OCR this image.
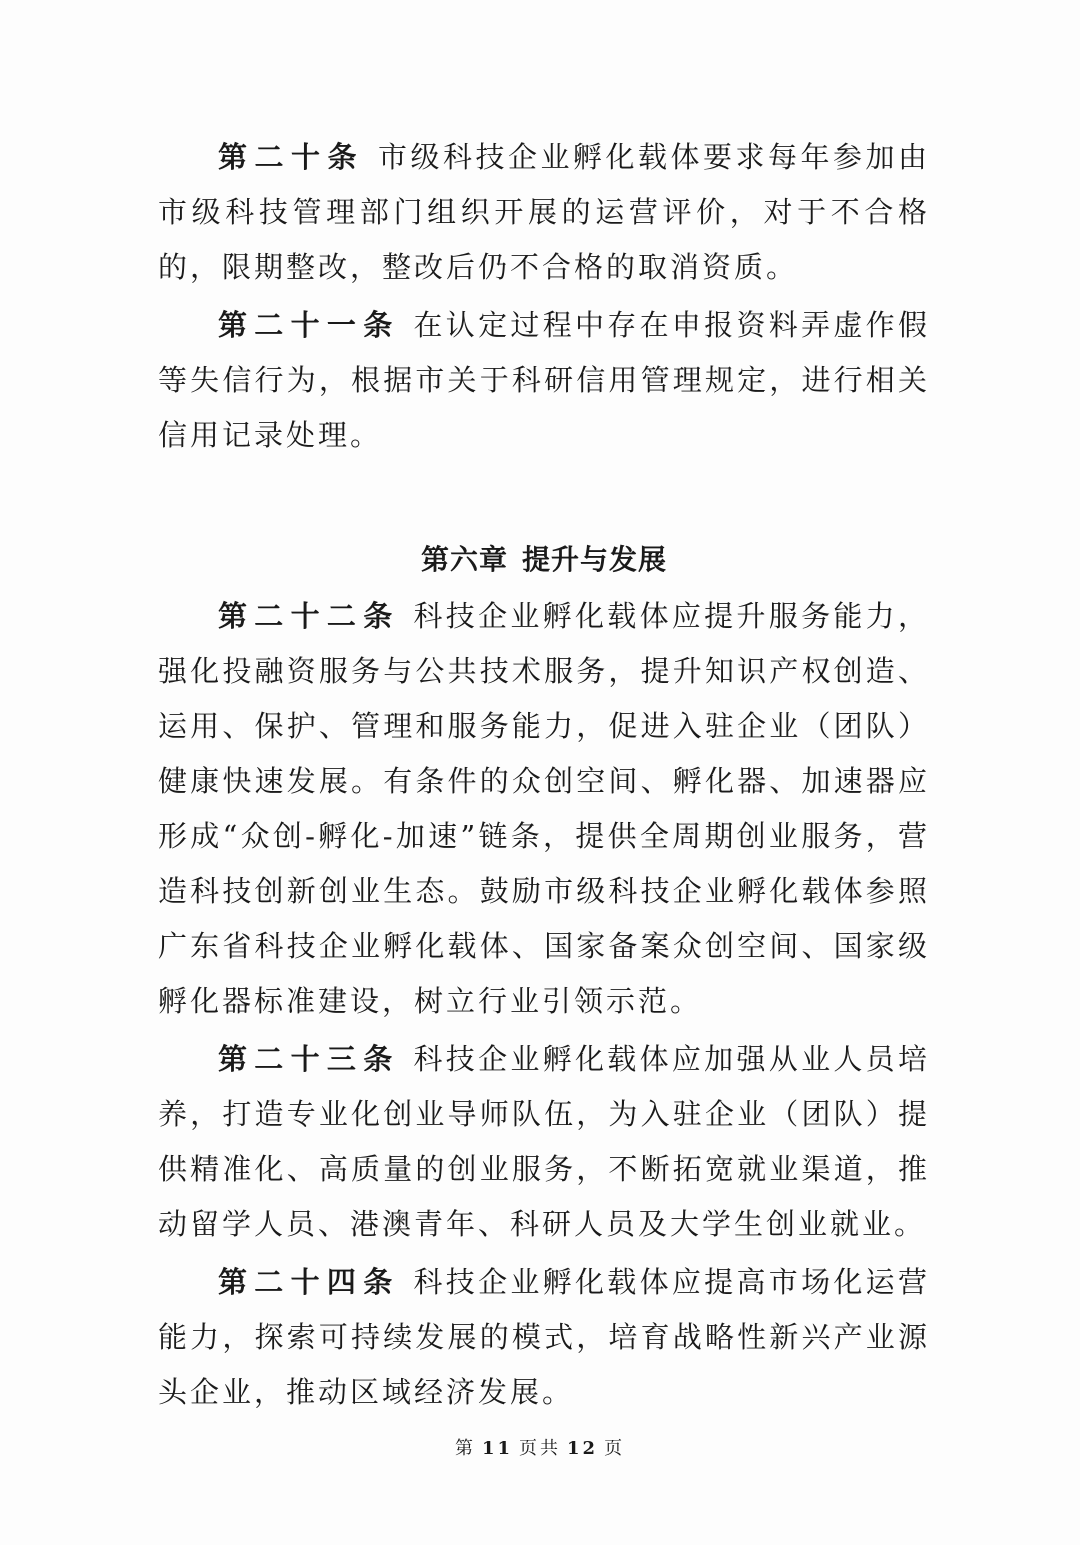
第二十条 市级科技企业孵化载体要求每年参加由市级科技管理部门组织开展的运营评价，对于不合格的，限期整改，整改后仍不合格的取消资质。

第二十一条 在认定过程中存在申报资料弄虚作假等失信行为，根据市关于科研信用管理规定，进行相关信用记录处理。

第六章 提升与发展

第二十二条 科技企业孵化载体应提升服务能力，强化投融资服务与公共技术服务，提升知识产权创造、运用、保护、管理和服务能力，促进入驻企业（团队）健康快速发展。有条件的众创空间、孵化器、加速器应形成“众创-孵化-加速”链条，提供全周期创业服务，营造科技创新创业生态。鼓励市级科技企业孵化载体参照广东省科技企业孵化载体、国家备案众创空间、国家级孵化器标准建设，树立行业引领示范。

第二十三条 科技企业孵化载体应加强从业人员培养，打造专业化创业导师队伍，为入驻企业（团队）提供精准化、高质量的创业服务，不断拓宽就业渠道，推动留学人员、港澳青年、科研人员及大学生创业就业。

第二十四条 科技企业孵化载体应提高市场化运营能力，探索可持续发展的模式，培育战略性新兴产业源头企业，推动区域经济发展。

第 11 页共 12 页
